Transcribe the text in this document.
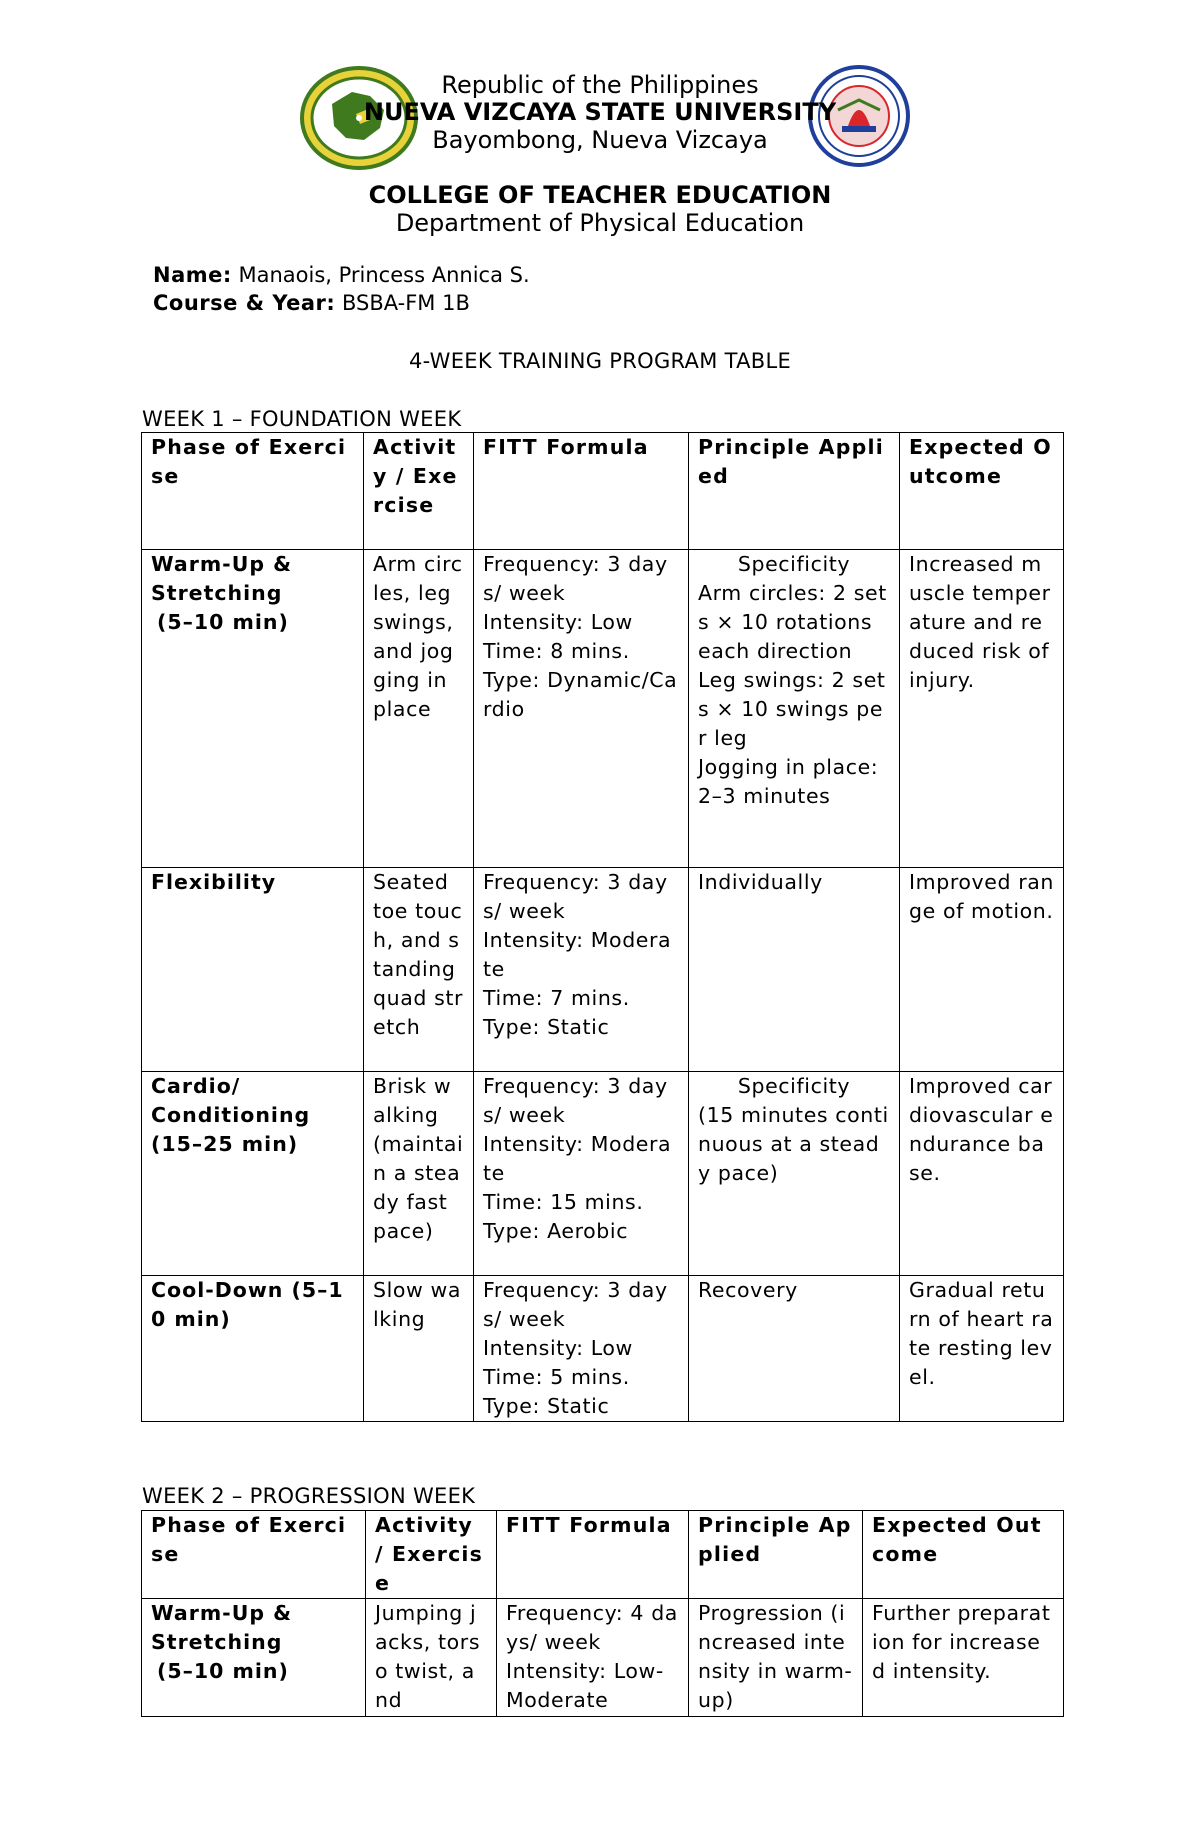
Republic of the Philippines
NUEVA VIZCAYA STATE UNIVERSITY
Bayombong, Nueva Vizcaya
COLLEGE OF TEACHER EDUCATION
Department of Physical Education
Name: Manaois, Princess Annica S.
Course & Year: BSBA-FM 1B
4-WEEK TRAINING PROGRAM TABLE
WEEK 1 – FOUNDATION WEEK
Phase of Exercise	Activity / Exercise	FITT Formula	Principle Applied	Expected Outcome

Warm-Up &
Stretching
(5–10 min)	Arm circles, leg swings, and jogging in place	Frequency: 3 days/ week
Intensity: Low
Time: 8 mins.
Type: Dynamic/Cardio	Specificity
Arm circles: 2 sets × 10 rotations each direction
Leg swings: 2 sets × 10 swings per leg
Jogging in place: 2–3 minutes	Increased muscle temperature and reduced risk of injury.

Flexibility	Seated toe touch, and standing quad stretch	Frequency: 3 days/ week
Intensity: Moderate
Time: 7 mins.
Type: Static	Individually	Improved range of motion.

Cardio/
Conditioning
(15–25 min)	Brisk walking (maintain a steady fast pace)	Frequency: 3 days/ week
Intensity: Moderate
Time: 15 mins.
Type: Aerobic	Specificity
(15 minutes continuous at a steady pace)	Improved cardiovascular endurance base.

Cool-Down (5–10 min)	Slow walking	Frequency: 3 days/ week
Intensity: Low
Time: 5 mins.
Type: Static	Recovery	Gradual return of heart rate resting level.
WEEK 2 – PROGRESSION WEEK
Phase of Exercise	Activity / Exercise	FITT Formula	Principle Applied	Expected Outcome

Warm-Up &
Stretching
(5–10 min)	Jumping jacks, torso twist, and	Frequency: 4 days/ week
Intensity: Low-Moderate	Progression (increased intensity in warm-up)	Further preparation for increased intensity.
